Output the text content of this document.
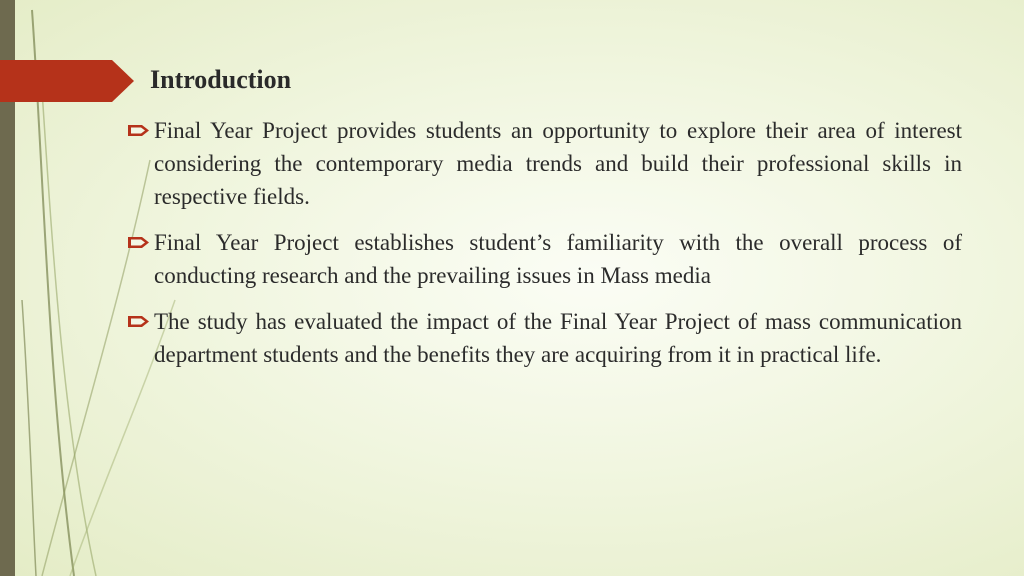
Introduction
Final Year Project provides students an opportunity to explore their area of interest considering the contemporary media trends and build their professional skills in respective fields.
Final Year Project establishes student’s familiarity with the overall process of conducting research and the prevailing issues in Mass media
The study has evaluated the impact of the Final Year Project of mass communication department students and the benefits they are acquiring from it in practical life.
